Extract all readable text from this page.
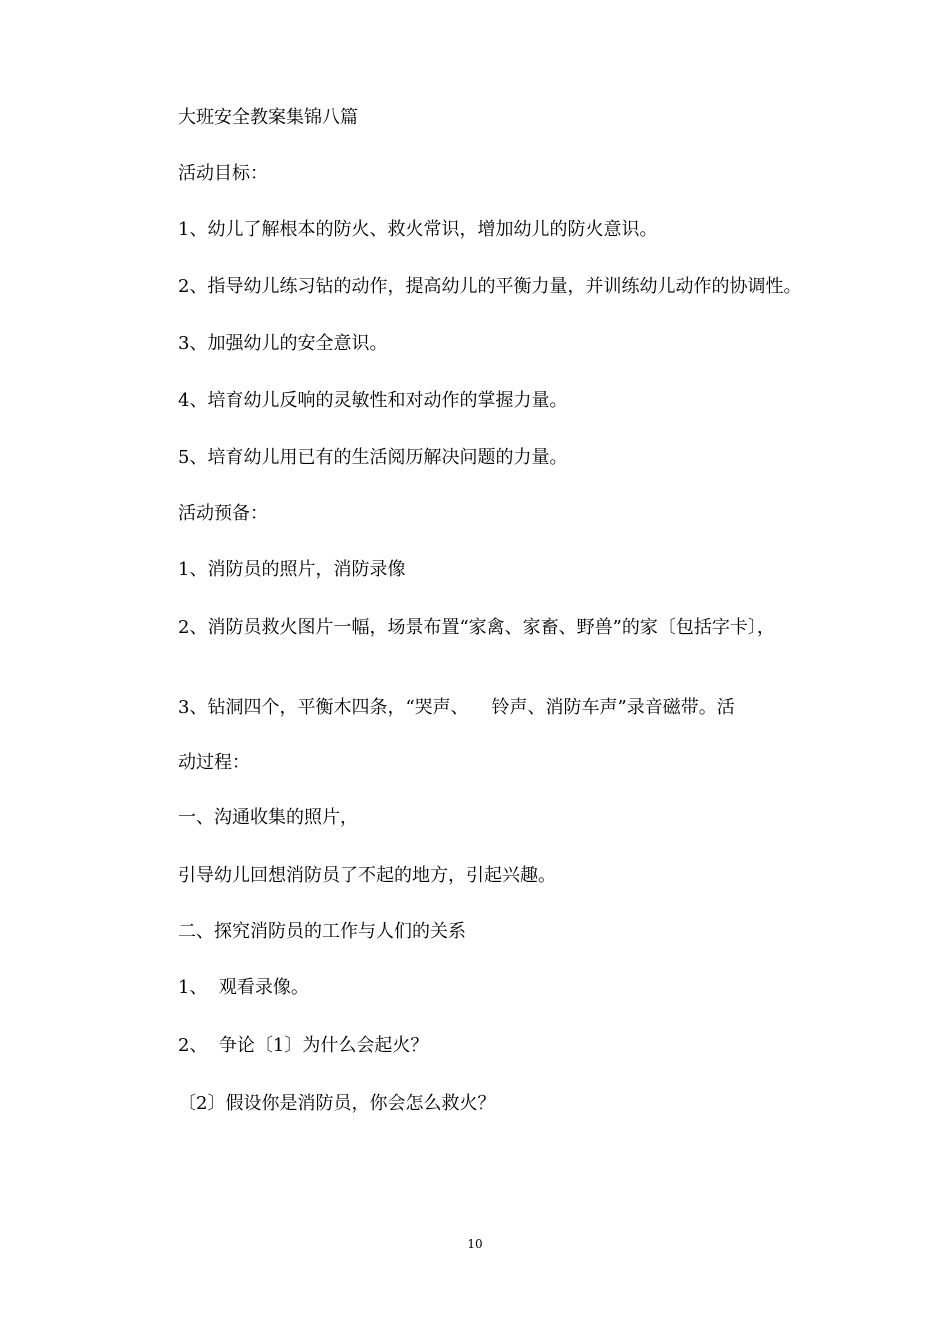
大班安全教案集锦八篇
活动目标：
1、幼儿了解根本的防火、救火常识，增加幼儿的防火意识。
2、指导幼儿练习钻的动作，提高幼儿的平衡力量，并训练幼儿动作的协调性。
3、加强幼儿的安全意识。
4、培育幼儿反响的灵敏性和对动作的掌握力量。
5、培育幼儿用已有的生活阅历解决问题的力量。
活动预备：
1、消防员的照片，消防录像
2、消防员救火图片一幅，场景布置“家禽、家畜、野兽”的家〔包括字卡〕，
3、钻洞四个，平衡木四条，“哭声、    铃声、消防车声”录音磁带。活
动过程：
一、沟通收集的照片，
引导幼儿回想消防员了不起的地方，引起兴趣。
二、探究消防员的工作与人们的关系
1、  观看录像。
2、  争论〔1〕为什么会起火？
〔2〕假设你是消防员，你会怎么救火？
10
